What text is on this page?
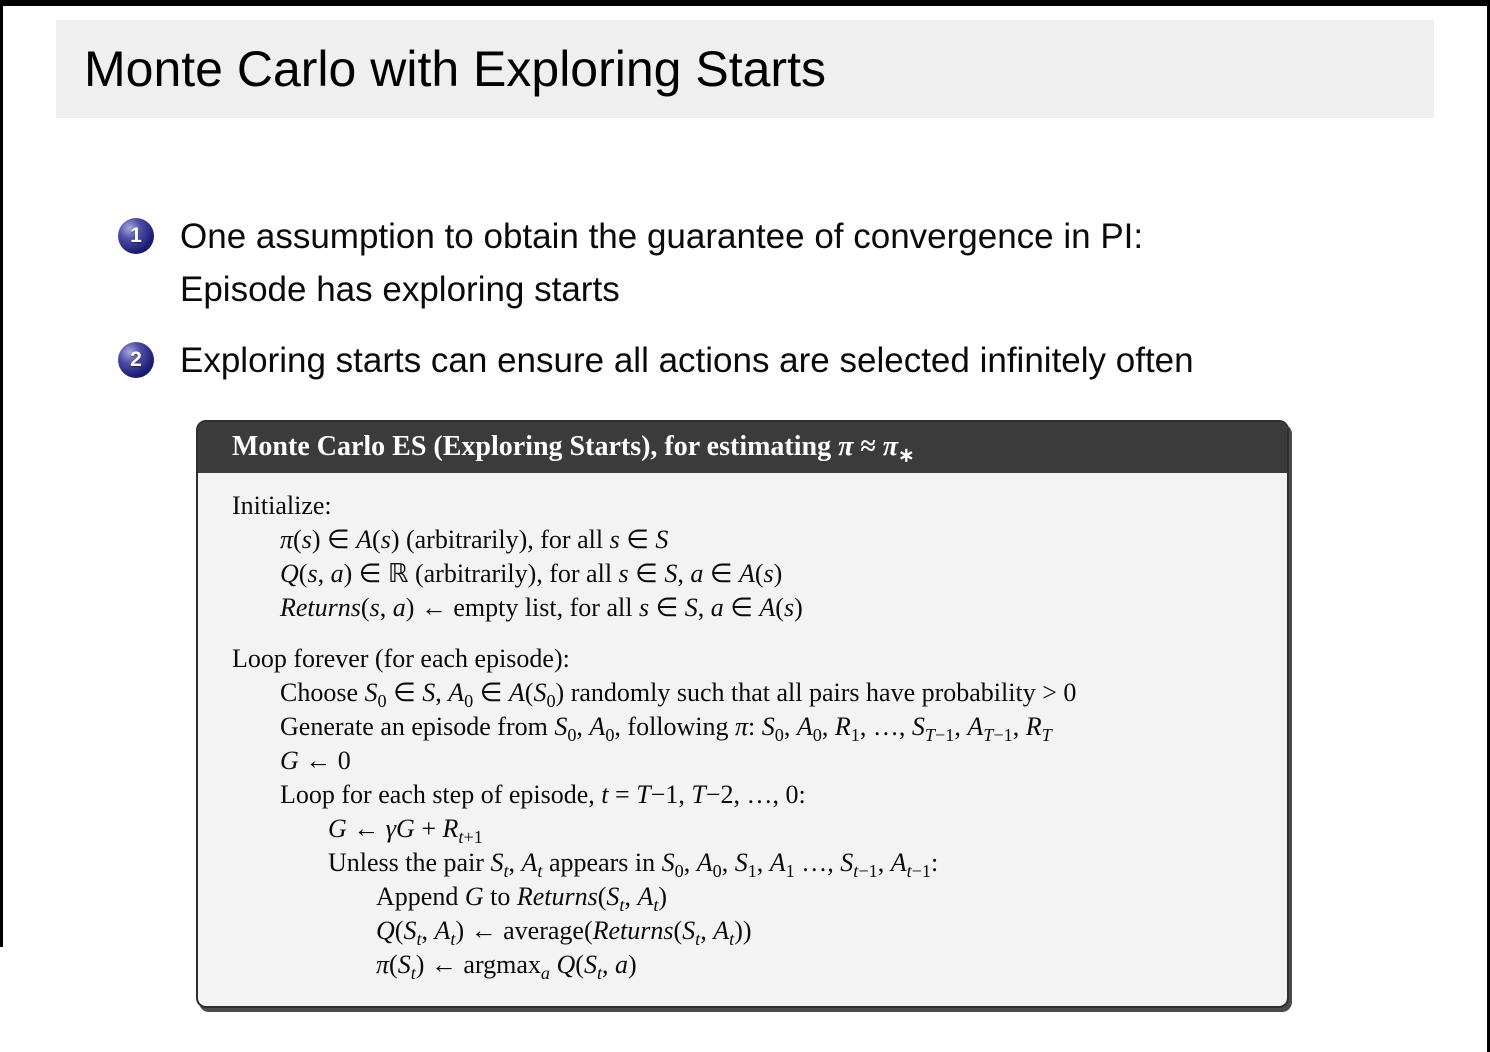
Monte Carlo with Exploring Starts
1	One assumption to obtain the guarantee of convergence in PI:
Episode has exploring starts
2	Exploring starts can ensure all actions are selected infinitely often
Monte Carlo ES (Exploring Starts), for estimating $\pi \approx \pi_∗$
Initialize:
π(s) ∈ A(s) (arbitrarily), for all s ∈ S
Q(s, a) ∈ ℝ (arbitrarily), for all s ∈ S, a ∈ A(s)
Returns(s, a) ← empty list, for all s ∈ S, a ∈ A(s)
Loop forever (for each episode):
Choose $S_0$ ∈ S, $A_0$ ∈ $A(S_0)$ randomly such that all pairs have probability > 0
Generate an episode from $S_0$, $A_0$, following π: $S_0$, $A_0$, $R_1$, …, $S_{T-1}$, $A_{T-1}$, $R_T$
G ← 0
Loop for each step of episode, t = T−1, T−2, …, 0:
G ← $\gamma G + R_{t+1}$
Unless the pair $S_t$, $A_t$ appears in $S_0$, $A_0$, $S_1$, $A_1$ …, $S_{t-1}$, $A_{t-1}$:
Append G to $Returns(S_t$, $A_t$)
$Q(S_t$, $A_t$) ← $average(Returns(S_t$, $A_t$))
$\pi(S_t)$ ← argmax$_a$ $Q(S_t$, a)
